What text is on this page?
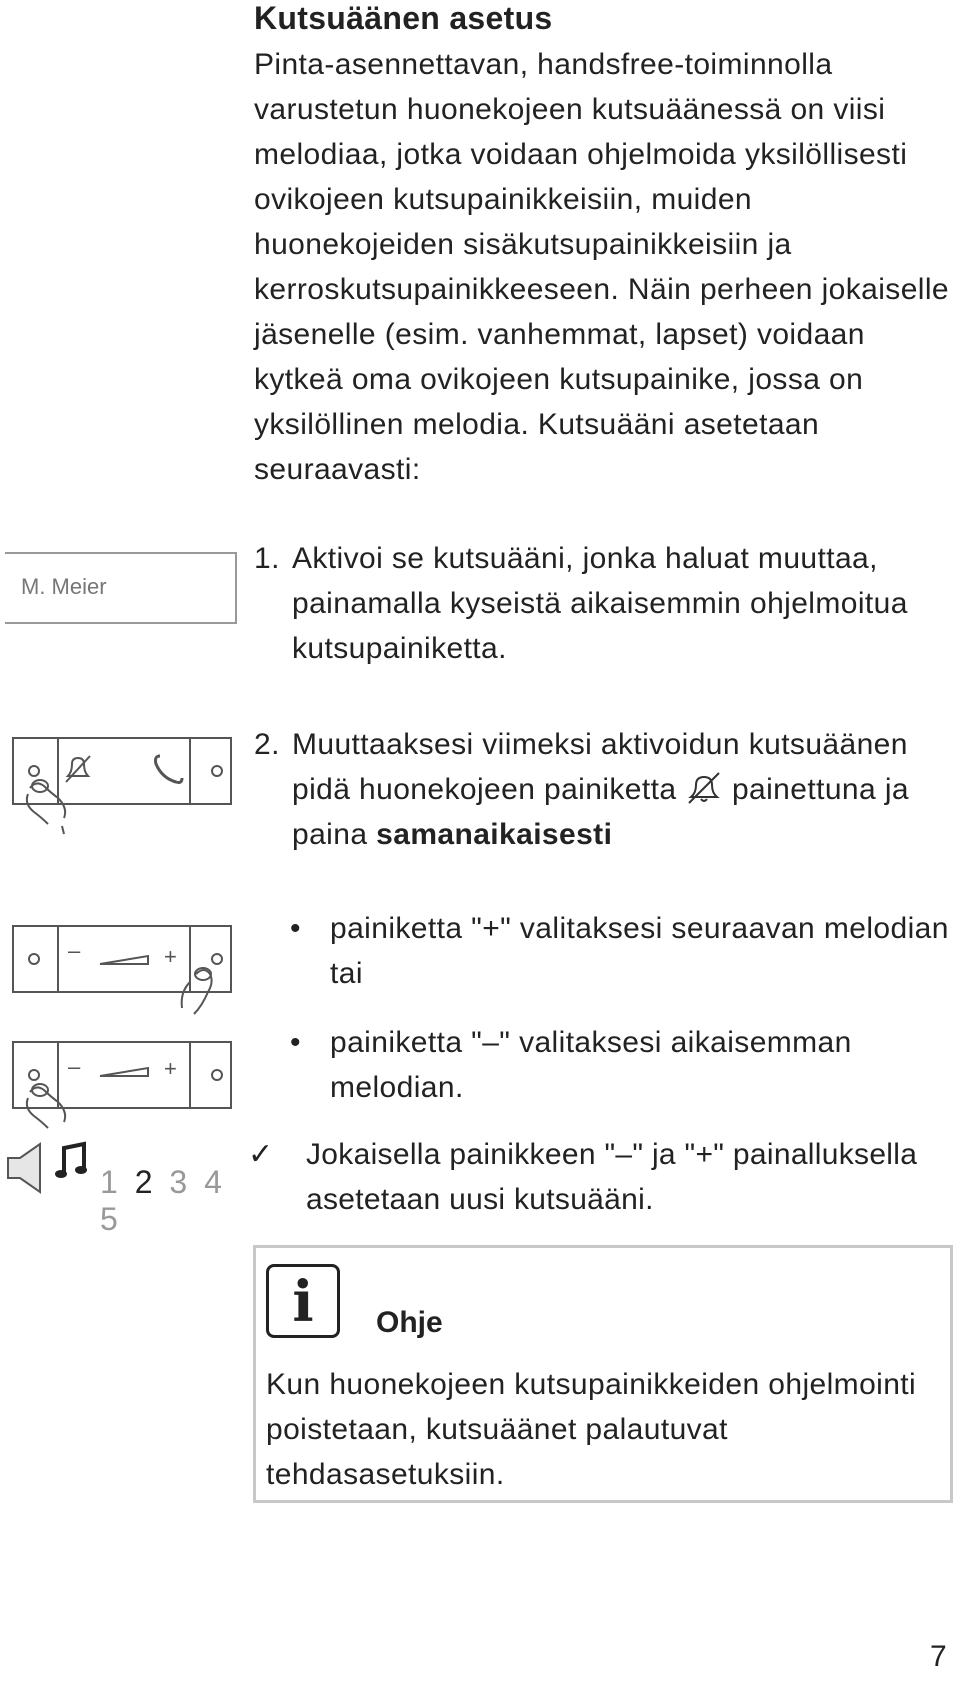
M. Meier
–	+
–	+
1 2 3 4 5
Kutsuäänen asetus

Pinta-asennettavan, handsfree-toiminnolla varustetun huonekojeen kutsuäänessä on viisi melodiaa, jotka voidaan ohjelmoida yksilöllisesti ovikojeen kutsupainikkeisiin, muiden huonekojeiden sisäkutsupainikkeisiin ja kerroskutsupainikkeeseen. Näin perheen jokaiselle jäsenelle (esim. vanhemmat, lapset) voidaan kytkeä oma ovikojeen kutsupainike, jossa on yksilöllinen melodia. Kutsuääni asetetaan seuraavasti:

1. Aktivoi se kutsuääni, jonka haluat muuttaa, painamalla kyseistä aikaisemmin ohjelmoitua kutsupainiketta.
2. Muuttaaksesi viimeksi aktivoidun kutsuäänen pidä huonekojeen painiketta painettuna ja paina samanaikaisesti
• painiketta "+" valitaksesi seuraavan melodian tai
• painiketta "–" valitaksesi aikaisemman melodian.
✓ Jokaisella painikkeen "–" ja "+" painalluksella asetetaan uusi kutsuääni.
i	Ohje

Kun huonekojeen kutsupainikkeiden ohjelmointi poistetaan, kutsuäänet palautuvat tehdasasetuksiin.

7
